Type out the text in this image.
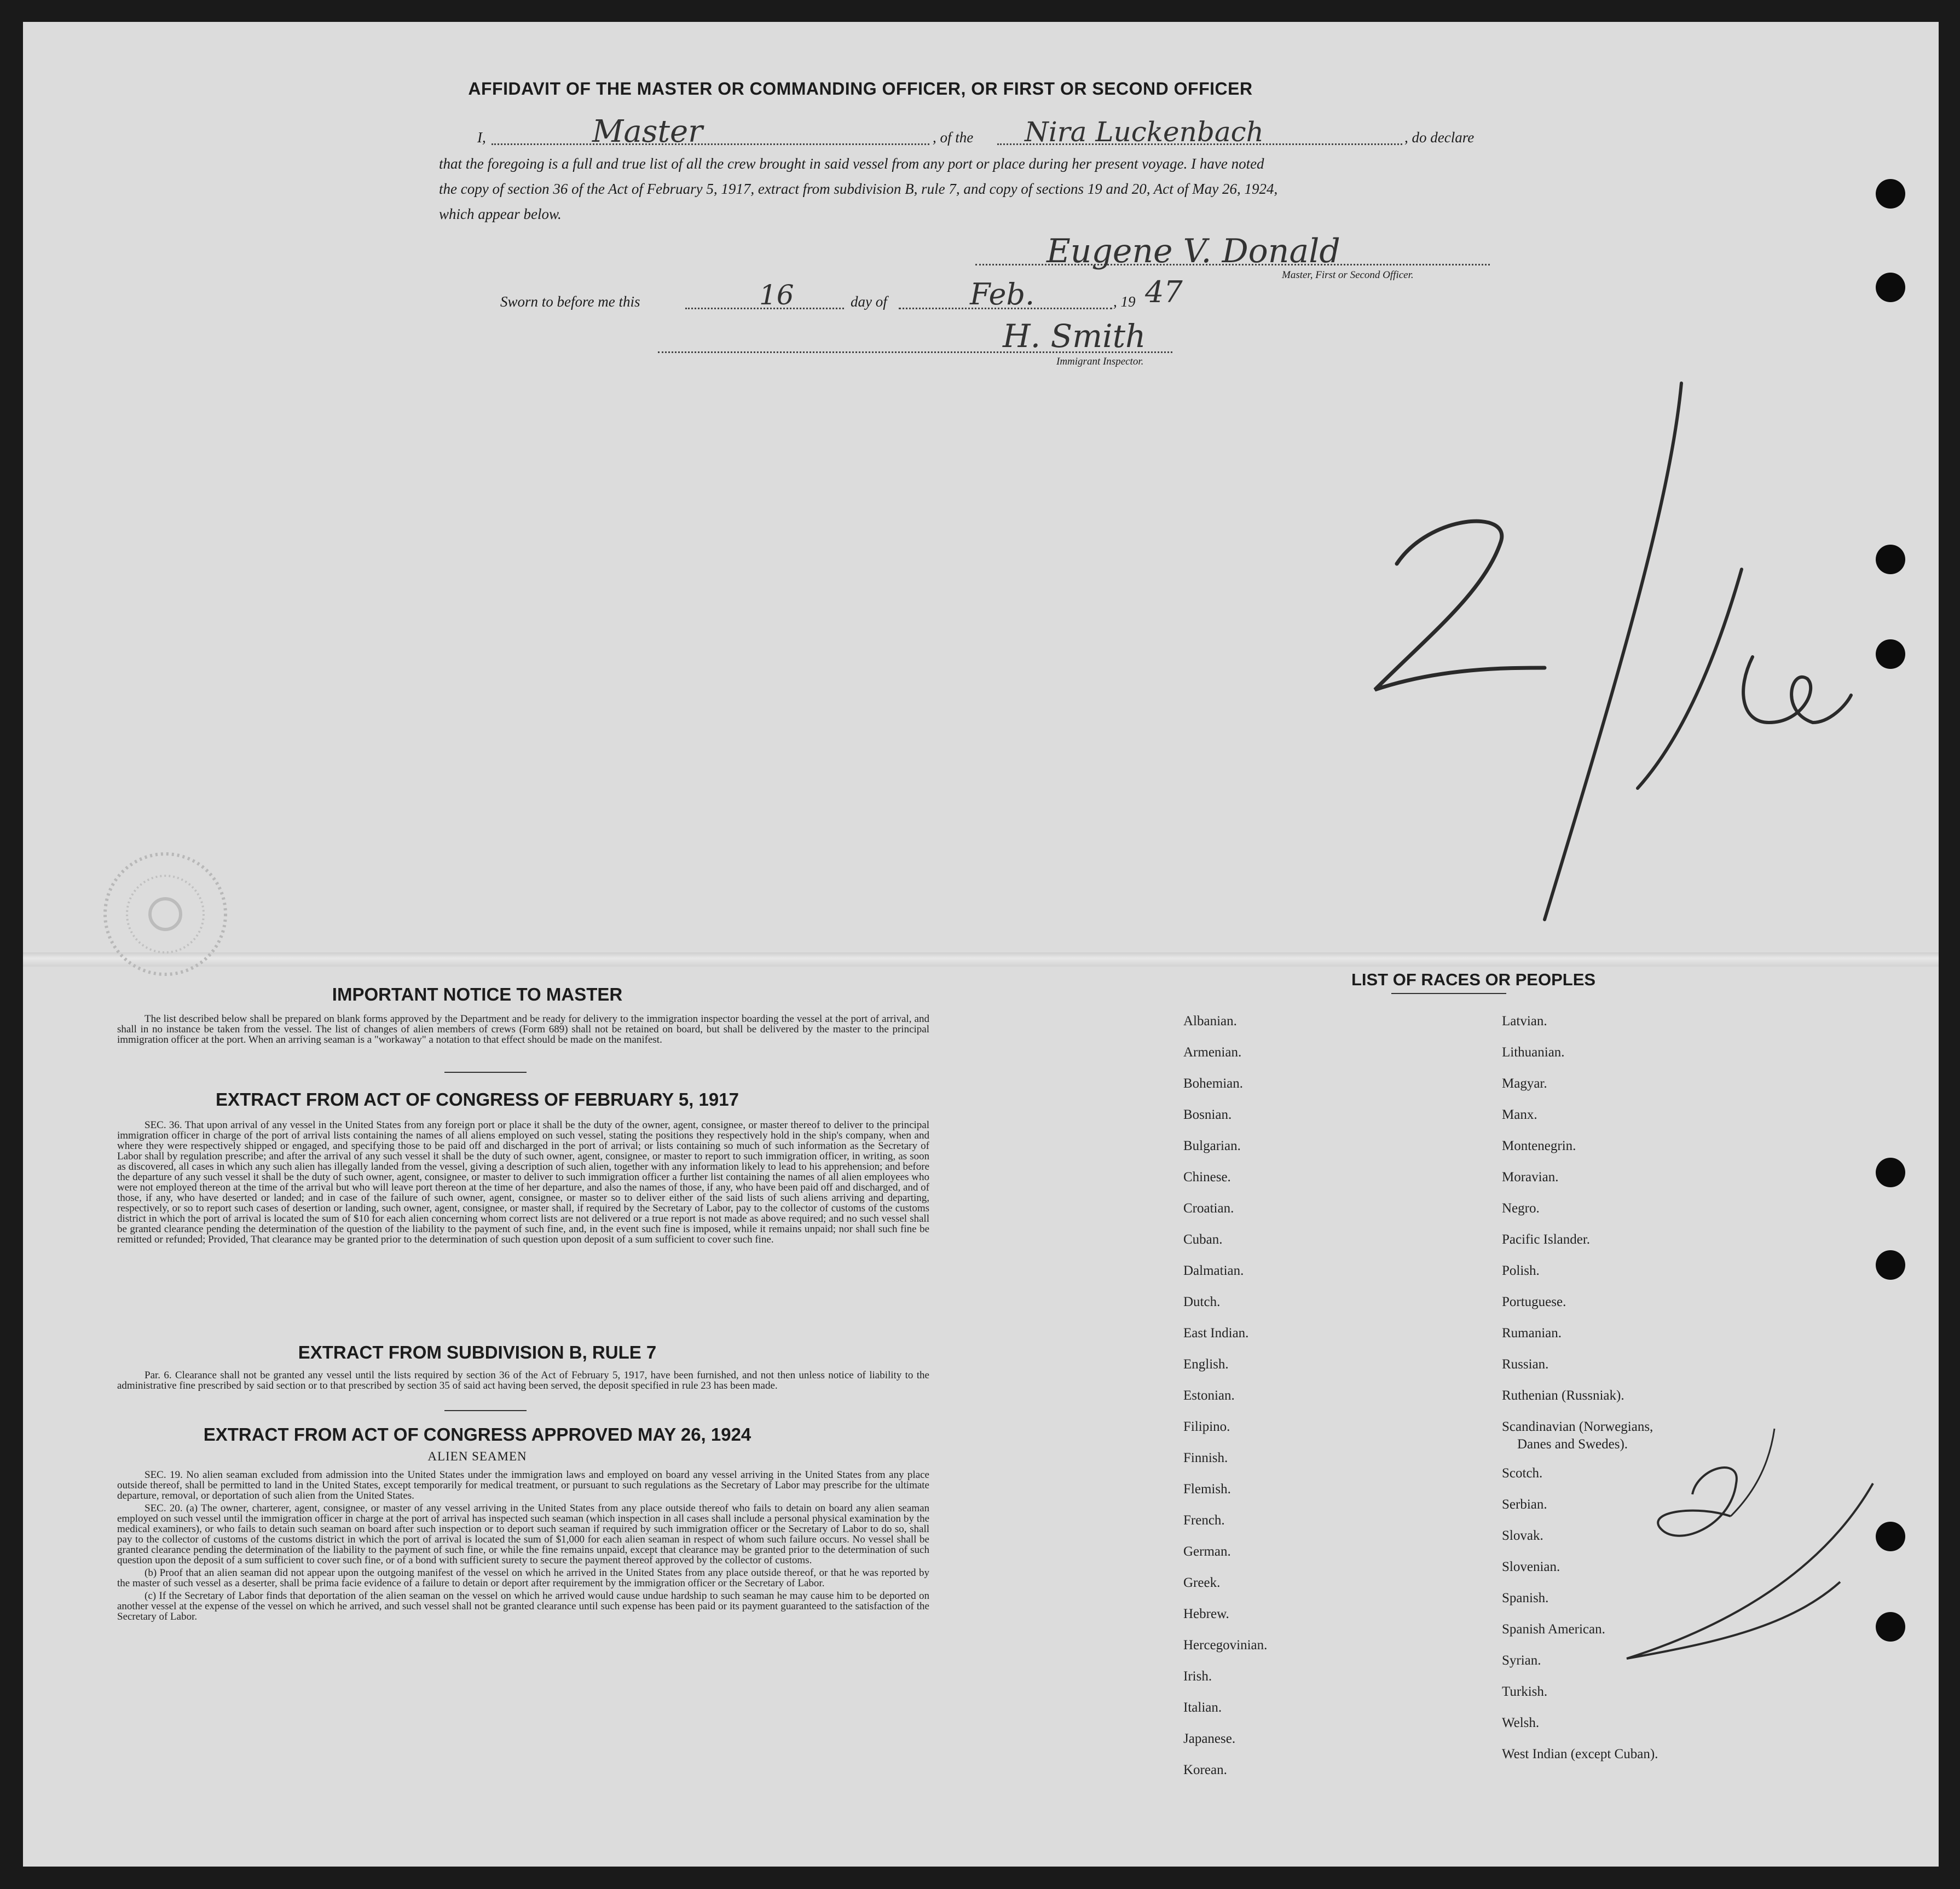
AFFIDAVIT OF THE MASTER OR COMMANDING OFFICER, OR FIRST OR SECOND OFFICER
I,	Master	, of the Nira Luckenbach	, do declare
that the foregoing is a full and true list of all the crew brought in said vessel from any port or place during her present voyage. I have noted
the copy of section 36 of the Act of February 5, 1917, extract from subdivision B, rule 7, and copy of sections 19 and 20, Act of May 26, 1924,
which appear below.
Eugene V. Donald
Master, First or Second Officer.
Sworn to before me this	16	day of	Feb.	, 19 47
H. Smith
Immigrant Inspector.
IMPORTANT NOTICE TO MASTER

The list described below shall be prepared on blank forms approved by the Department and be ready for delivery to the immigration inspector boarding the vessel at the port of arrival, and shall in no instance be taken from the vessel. The list of changes of alien members of crews (Form 689) shall not be retained on board, but shall be delivered by the master to the principal immigration officer at the port. When an arriving seaman is a "workaway" a notation to that effect should be made on the manifest.

EXTRACT FROM ACT OF CONGRESS OF FEBRUARY 5, 1917

SEC. 36. That upon arrival of any vessel in the United States from any foreign port or place it shall be the duty of the owner, agent, consignee, or master thereof to deliver to the principal immigration officer in charge of the port of arrival lists containing the names of all aliens employed on such vessel, stating the positions they respectively hold in the ship's company, when and where they were respectively shipped or engaged, and specifying those to be paid off and discharged in the port of arrival; or lists containing so much of such information as the Secretary of Labor shall by regulation prescribe; and after the arrival of any such vessel it shall be the duty of such owner, agent, consignee, or master to report to such immigration officer, in writing, as soon as discovered, all cases in which any such alien has illegally landed from the vessel, giving a description of such alien, together with any information likely to lead to his apprehension; and before the departure of any such vessel it shall be the duty of such owner, agent, consignee, or master to deliver to such immigration officer a further list containing the names of all alien employees who were not employed thereon at the time of the arrival but who will leave port thereon at the time of her departure, and also the names of those, if any, who have been paid off and discharged, and of those, if any, who have deserted or landed; and in case of the failure of such owner, agent, consignee, or master so to deliver either of the said lists of such aliens arriving and departing, respectively, or so to report such cases of desertion or landing, such owner, agent, consignee, or master shall, if required by the Secretary of Labor, pay to the collector of customs of the customs district in which the port of arrival is located the sum of $10 for each alien concerning whom correct lists are not delivered or a true report is not made as above required; and no such vessel shall be granted clearance pending the determination of the question of the liability to the payment of such fine, and, in the event such fine is imposed, while it remains unpaid; nor shall such fine be remitted or refunded; Provided, That clearance may be granted prior to the determination of such question upon deposit of a sum sufficient to cover such fine.

EXTRACT FROM SUBDIVISION B, RULE 7

Par. 6. Clearance shall not be granted any vessel until the lists required by section 36 of the Act of February 5, 1917, have been furnished, and not then unless notice of liability to the administrative fine prescribed by said section or to that prescribed by section 35 of said act having been served, the deposit specified in rule 23 has been made.

EXTRACT FROM ACT OF CONGRESS APPROVED MAY 26, 1924
ALIEN SEAMEN

SEC. 19. No alien seaman excluded from admission into the United States under the immigration laws and employed on board any vessel arriving in the United States from any place outside thereof, shall be permitted to land in the United States, except temporarily for medical treatment, or pursuant to such regulations as the Secretary of Labor may prescribe for the ultimate departure, removal, or deportation of such alien from the United States.

SEC. 20. (a) The owner, charterer, agent, consignee, or master of any vessel arriving in the United States from any place outside thereof who fails to detain on board any alien seaman employed on such vessel until the immigration officer in charge at the port of arrival has inspected such seaman (which inspection in all cases shall include a personal physical examination by the medical examiners), or who fails to detain such seaman on board after such inspection or to deport such seaman if required by such immigration officer or the Secretary of Labor to do so, shall pay to the collector of customs of the customs district in which the port of arrival is located the sum of $1,000 for each alien seaman in respect of whom such failure occurs. No vessel shall be granted clearance pending the determination of the liability to the payment of such fine, or while the fine remains unpaid, except that clearance may be granted prior to the determination of such question upon the deposit of a sum sufficient to cover such fine, or of a bond with sufficient surety to secure the payment thereof approved by the collector of customs.

(b) Proof that an alien seaman did not appear upon the outgoing manifest of the vessel on which he arrived in the United States from any place outside thereof, or that he was reported by the master of such vessel as a deserter, shall be prima facie evidence of a failure to detain or deport after requirement by the immigration officer or the Secretary of Labor.

(c) If the Secretary of Labor finds that deportation of the alien seaman on the vessel on which he arrived would cause undue hardship to such seaman he may cause him to be deported on another vessel at the expense of the vessel on which he arrived, and such vessel shall not be granted clearance until such expense has been paid or its payment guaranteed to the satisfaction of the Secretary of Labor.

LIST OF RACES OR PEOPLES
Albanian.
Armenian.
Bohemian.
Bosnian.
Bulgarian.
Chinese.
Croatian.
Cuban.
Dalmatian.
Dutch.
East Indian.
English.
Estonian.
Filipino.
Finnish.
Flemish.
French.
German.
Greek.
Hebrew.
Hercegovinian.
Irish.
Italian.
Japanese.
Korean.
Latvian.
Lithuanian.
Magyar.
Manx.
Montenegrin.
Moravian.
Negro.
Pacific Islander.
Polish.
Portuguese.
Rumanian.
Russian.
Ruthenian (Russniak).
Scandinavian (Norwegians,
Danes and Swedes).
Scotch.
Serbian.
Slovak.
Slovenian.
Spanish.
Spanish American.
Syrian.
Turkish.
Welsh.
West Indian (except Cuban).
